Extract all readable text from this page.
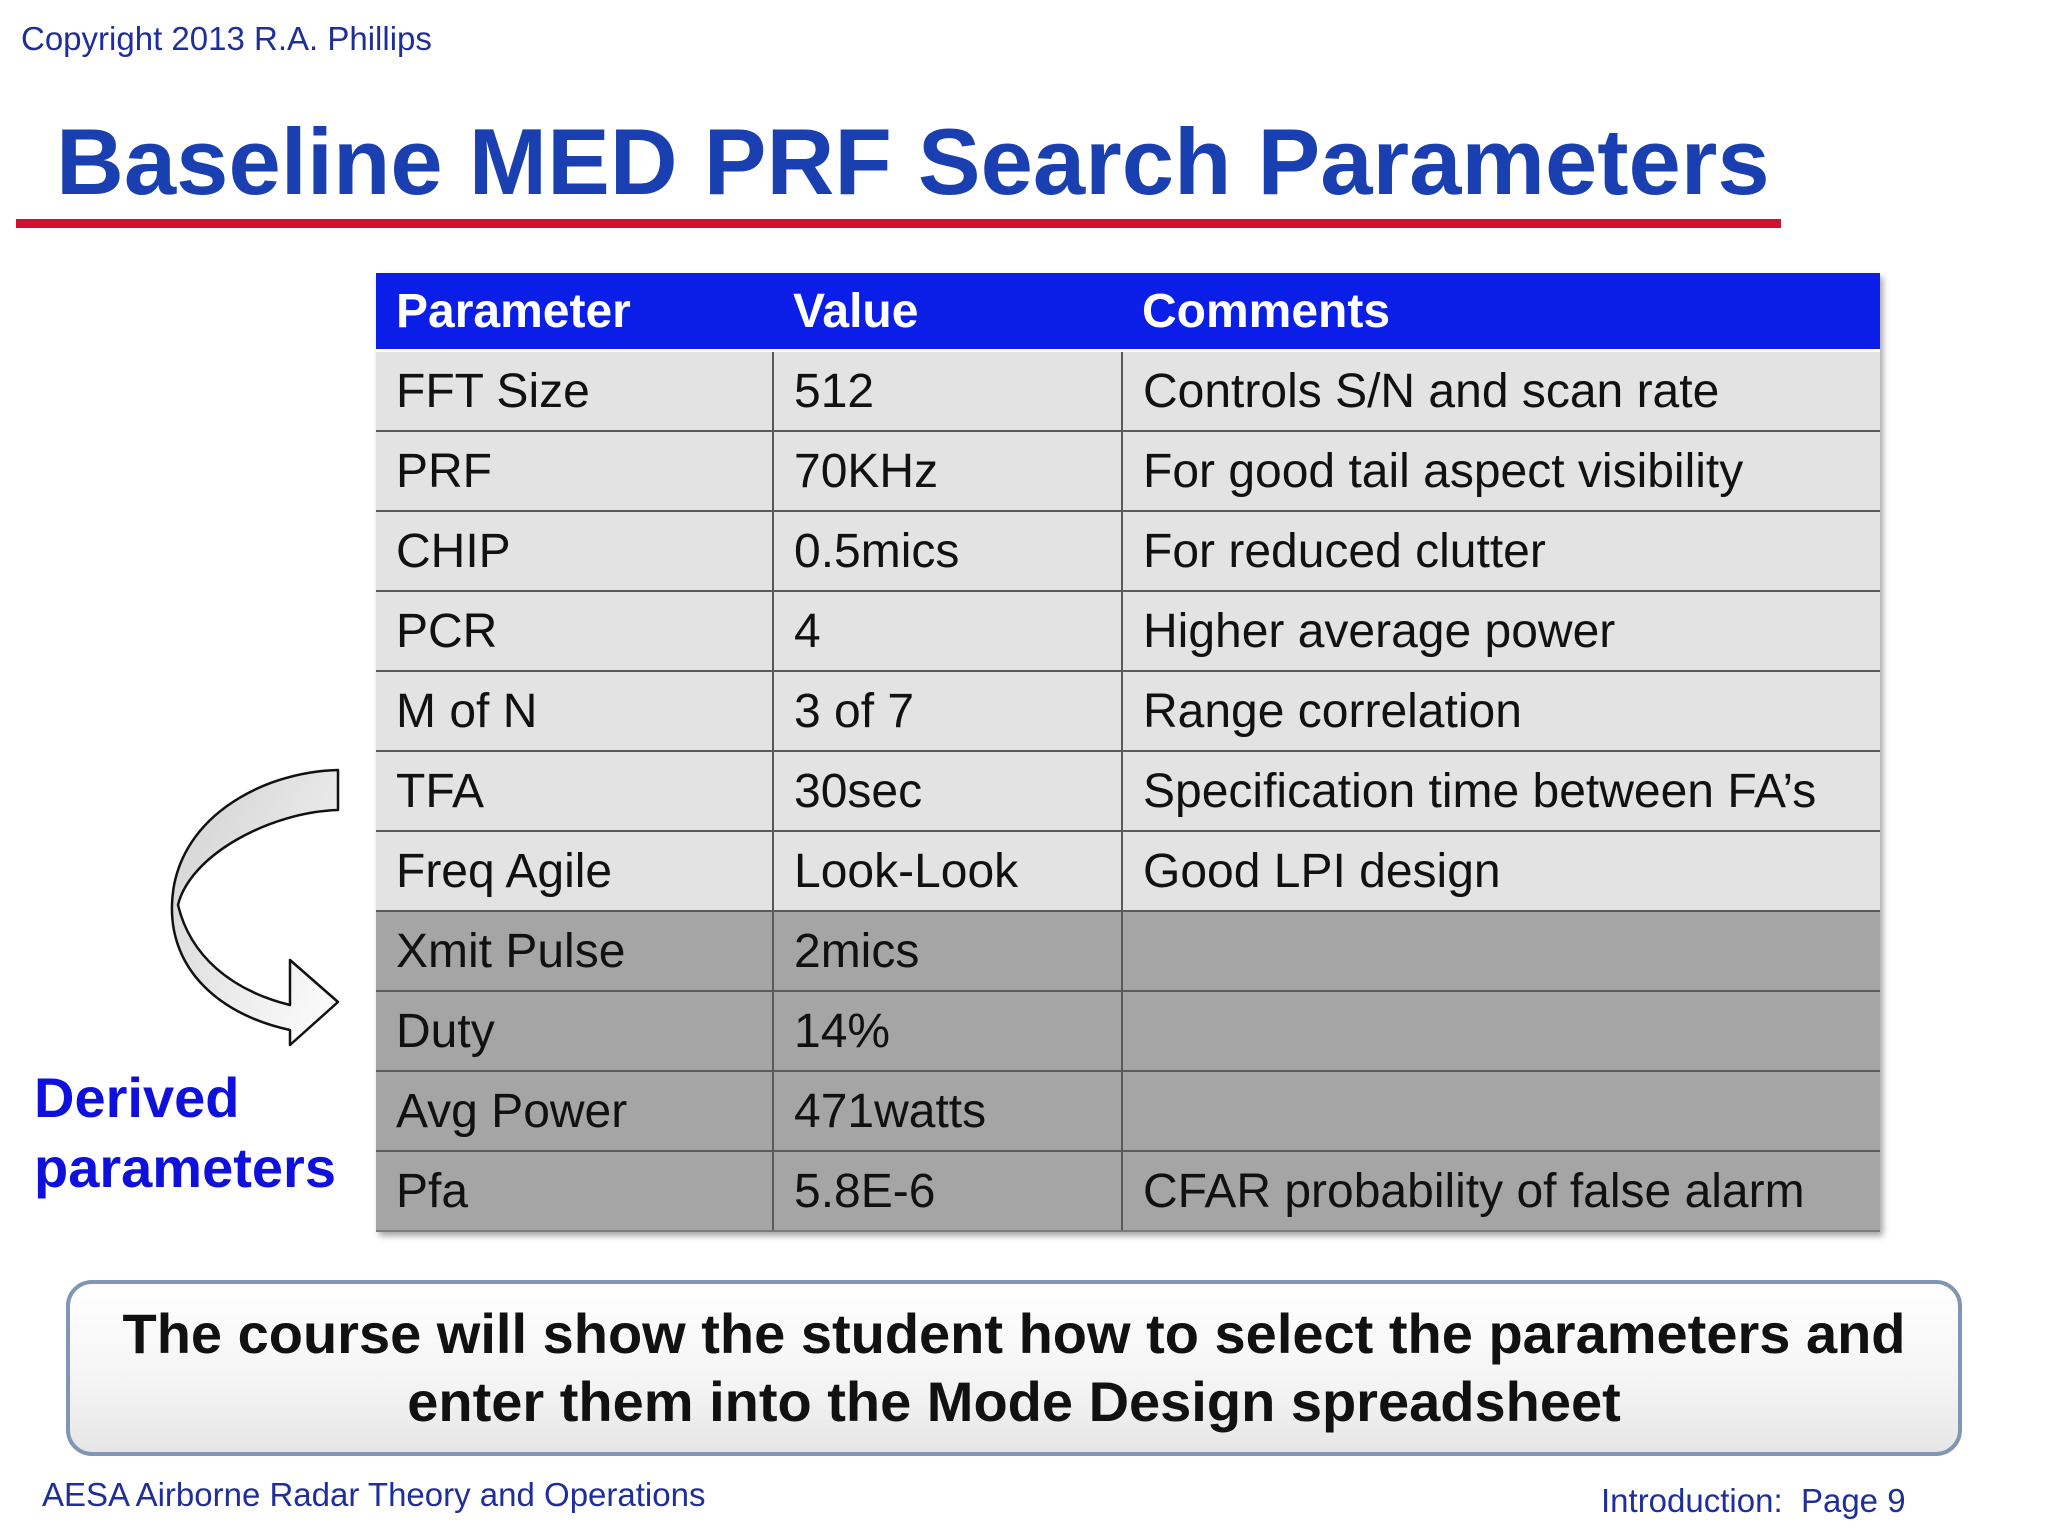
Copyright 2013 R.A. Phillips
Baseline MED PRF Search Parameters
Parameter	Value	Comments
FFT Size	512	Controls S/N and scan rate
PRF	70KHz	For good tail aspect visibility
CHIP	0.5mics	For reduced clutter
PCR	4	Higher average power
M of N	3 of 7	Range correlation
TFA	30sec	Specification time between FA’s
Freq Agile	Look-Look	Good LPI design
Xmit Pulse	2mics	
Duty	14%	
Avg Power	471watts	
Pfa	5.8E-6	CFAR probability of false alarm
Derived
parameters
The course will show the student how to select the parameters and enter them into the Mode Design spreadsheet
AESA Airborne Radar Theory and Operations	Introduction:  Page 9
